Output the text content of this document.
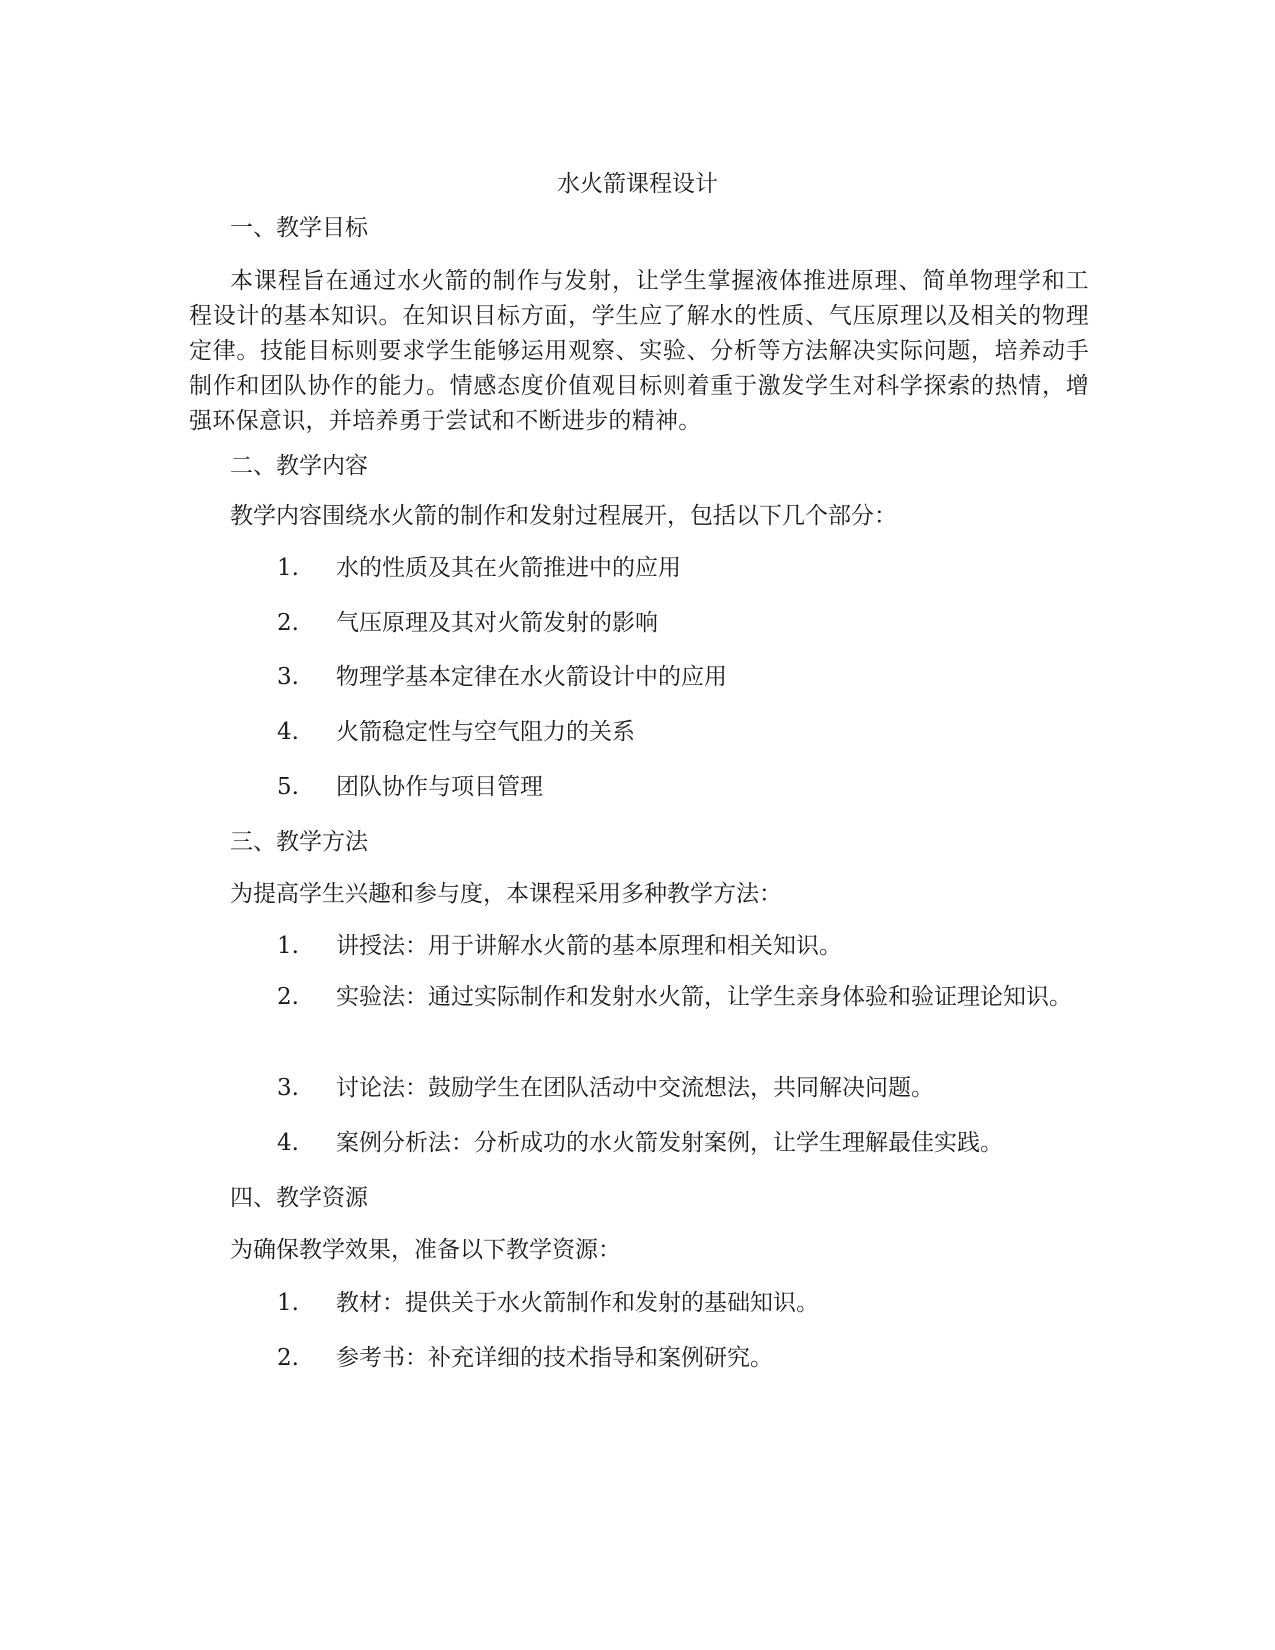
水火箭课程设计
一、教学目标
本课程旨在通过水火箭的制作与发射，让学生掌握液体推进原理、简单物理学和工程设计的基本知识。在知识目标方面，学生应了解水的性质、气压原理以及相关的物理定律。技能目标则要求学生能够运用观察、实验、分析等方法解决实际问题，培养动手制作和团队协作的能力。情感态度价值观目标则着重于激发学生对科学探索的热情，增强环保意识，并培养勇于尝试和不断进步的精神。
二、教学内容
教学内容围绕水火箭的制作和发射过程展开，包括以下几个部分：
1. 水的性质及其在火箭推进中的应用
2. 气压原理及其对火箭发射的影响
3. 物理学基本定律在水火箭设计中的应用
4. 火箭稳定性与空气阻力的关系
5. 团队协作与项目管理
三、教学方法
为提高学生兴趣和参与度，本课程采用多种教学方法：
1. 讲授法：用于讲解水火箭的基本原理和相关知识。
2. 实验法：通过实际制作和发射水火箭，让学生亲身体验和验证理论知识。
3. 讨论法：鼓励学生在团队活动中交流想法，共同解决问题。
4. 案例分析法：分析成功的水火箭发射案例，让学生理解最佳实践。
四、教学资源
为确保教学效果，准备以下教学资源：
1. 教材：提供关于水火箭制作和发射的基础知识。
2. 参考书：补充详细的技术指导和案例研究。
